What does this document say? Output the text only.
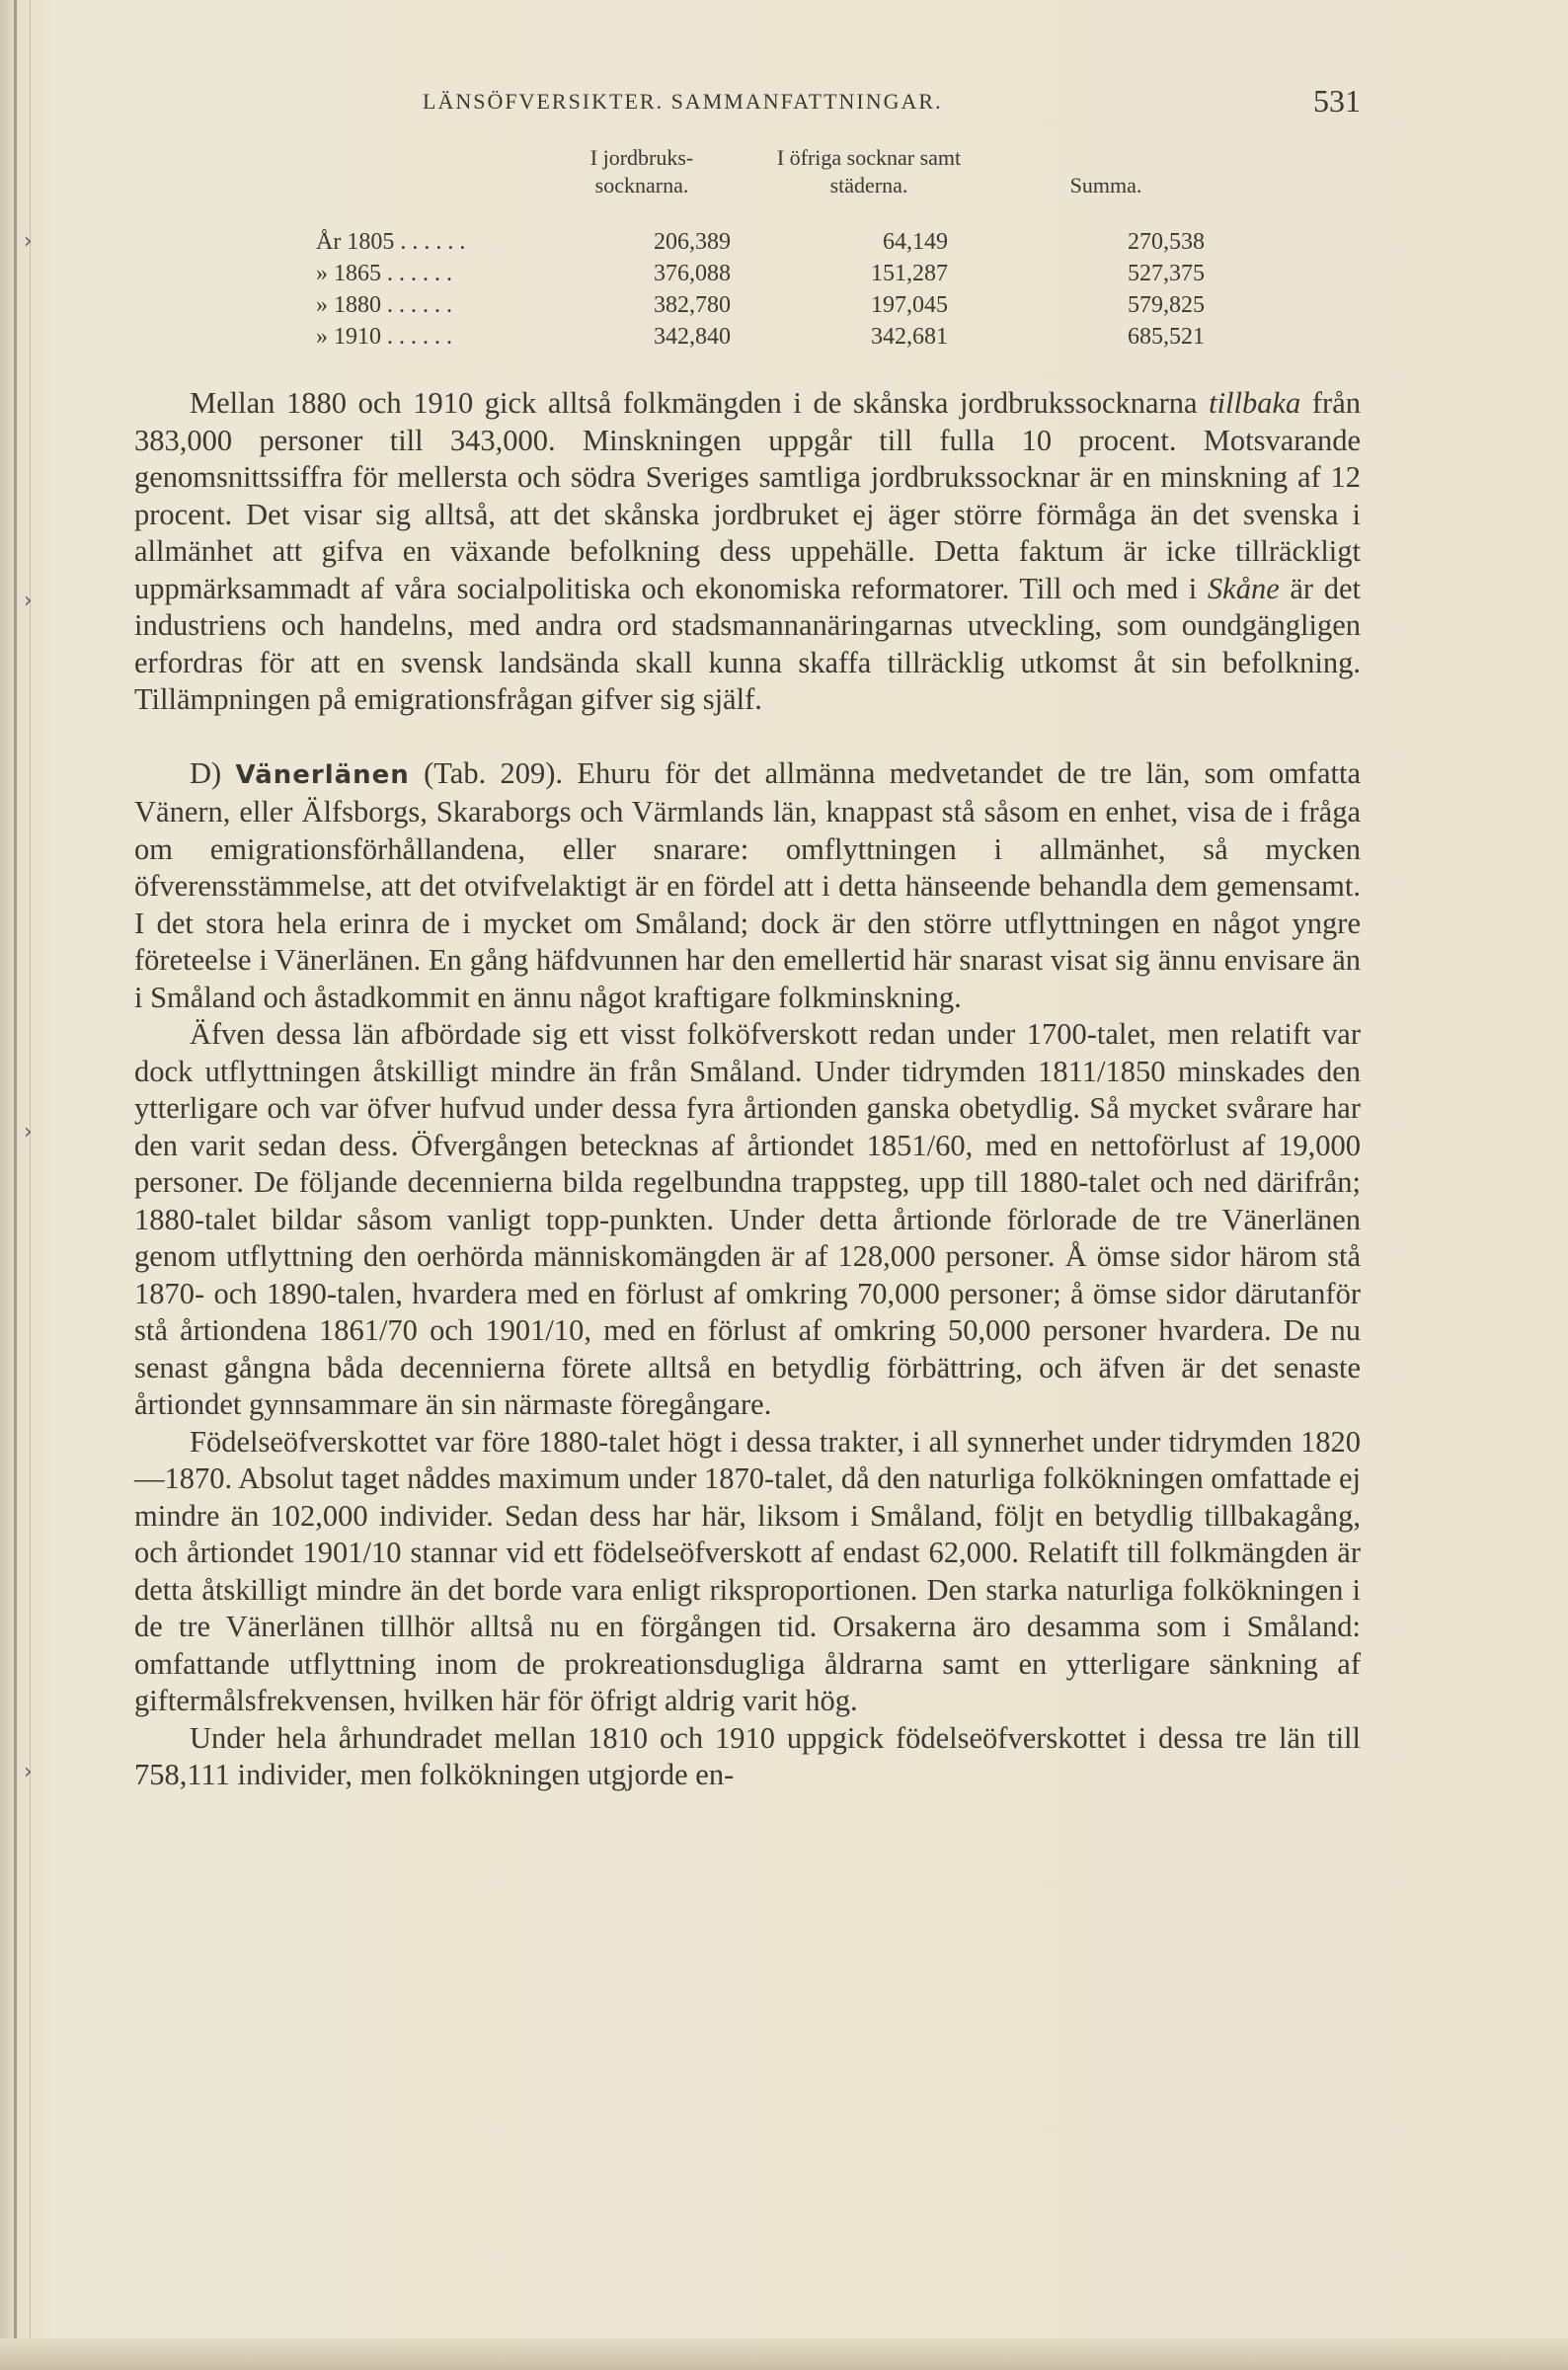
›
›
›
›
LÄNSÖFVERSIKTER. SAMMANFATTNINGAR.	531
I jordbruks- socknarna.
I öfriga socknar samt städerna.	Summa.
År 1805 . . . . . .	206,389	64,149	270,538
» 1865 . . . . . .	376,088	151,287	527,375
» 1880 . . . . . .	382,780	197,045	579,825
» 1910 . . . . . .	342,840	342,681	685,521

Mellan 1880 och 1910 gick alltså folkmängden i de skånska jordbrukssocknarna tillbaka från 383,000 personer till 343,000. Minskningen uppgår till fulla 10 procent. Motsvarande genomsnittssiffra för mellersta och södra Sveriges samtliga jordbrukssocknar är en minskning af 12 procent. Det visar sig alltså, att det skånska jordbruket ej äger större förmåga än det svenska i allmänhet att gifva en växande befolkning dess uppehälle. Detta faktum är icke tillräckligt uppmärksammadt af våra socialpolitiska och ekonomiska reformatorer. Till och med i Skåne är det industriens och handelns, med andra ord stadsmannanäringarnas utveckling, som oundgängligen erfordras för att en svensk landsända skall kunna skaffa tillräcklig utkomst åt sin befolkning. Tillämpningen på emigrationsfrågan gifver sig själf.

D) Vänerlänen (Tab. 209). Ehuru för det allmänna medvetandet de tre län, som omfatta Vänern, eller Älfsborgs, Skaraborgs och Värmlands län, knappast stå såsom en enhet, visa de i fråga om emigrationsförhållandena, eller snarare: omflyttningen i allmänhet, så mycken öfverensstämmelse, att det otvifvelaktigt är en fördel att i detta hänseende behandla dem gemensamt. I det stora hela erinra de i mycket om Småland; dock är den större utflyttningen en något yngre företeelse i Vänerlänen. En gång häfdvunnen har den emellertid här snarast visat sig ännu envisare än i Småland och åstadkommit en ännu något kraftigare folkminskning.

Äfven dessa län afbördade sig ett visst folköfverskott redan under 1700-talet, men relatift var dock utflyttningen åtskilligt mindre än från Småland. Under tidrymden 1811/1850 minskades den ytterligare och var öfver hufvud under dessa fyra årtionden ganska obetydlig. Så mycket svårare har den varit sedan dess. Öfvergången betecknas af årtiondet 1851/60, med en nettoförlust af 19,000 personer. De följande decennierna bilda regelbundna trappsteg, upp till 1880-talet och ned därifrån; 1880-talet bildar såsom vanligt topp-punkten. Under detta årtionde förlorade de tre Vänerlänen genom utflyttning den oerhörda människomängden är af 128,000 personer. Å ömse sidor härom stå 1870- och 1890-talen, hvardera med en förlust af omkring 70,000 personer; å ömse sidor därutanför stå årtiondena 1861/70 och 1901/10, med en förlust af omkring 50,000 personer hvardera. De nu senast gångna båda decennierna förete alltså en betydlig förbättring, och äfven är det senaste årtiondet gynnsammare än sin närmaste föregångare.

Födelseöfverskottet var före 1880-talet högt i dessa trakter, i all synnerhet under tidrymden 1820—1870. Absolut taget nåddes maximum under 1870-talet, då den naturliga folkökningen omfattade ej mindre än 102,000 individer. Sedan dess har här, liksom i Småland, följt en betydlig tillbakagång, och årtiondet 1901/10 stannar vid ett födelseöfverskott af endast 62,000. Relatift till folkmängden är detta åtskilligt mindre än det borde vara enligt riksproportionen. Den starka naturliga folkökningen i de tre Vänerlänen tillhör alltså nu en förgången tid. Orsakerna äro desamma som i Småland: omfattande utflyttning inom de prokreationsdugliga åldrarna samt en ytterligare sänkning af giftermålsfrekvensen, hvilken här för öfrigt aldrig varit hög.

Under hela århundradet mellan 1810 och 1910 uppgick födelseöfverskottet i dessa tre län till 758,111 individer, men folkökningen utgjorde en-
